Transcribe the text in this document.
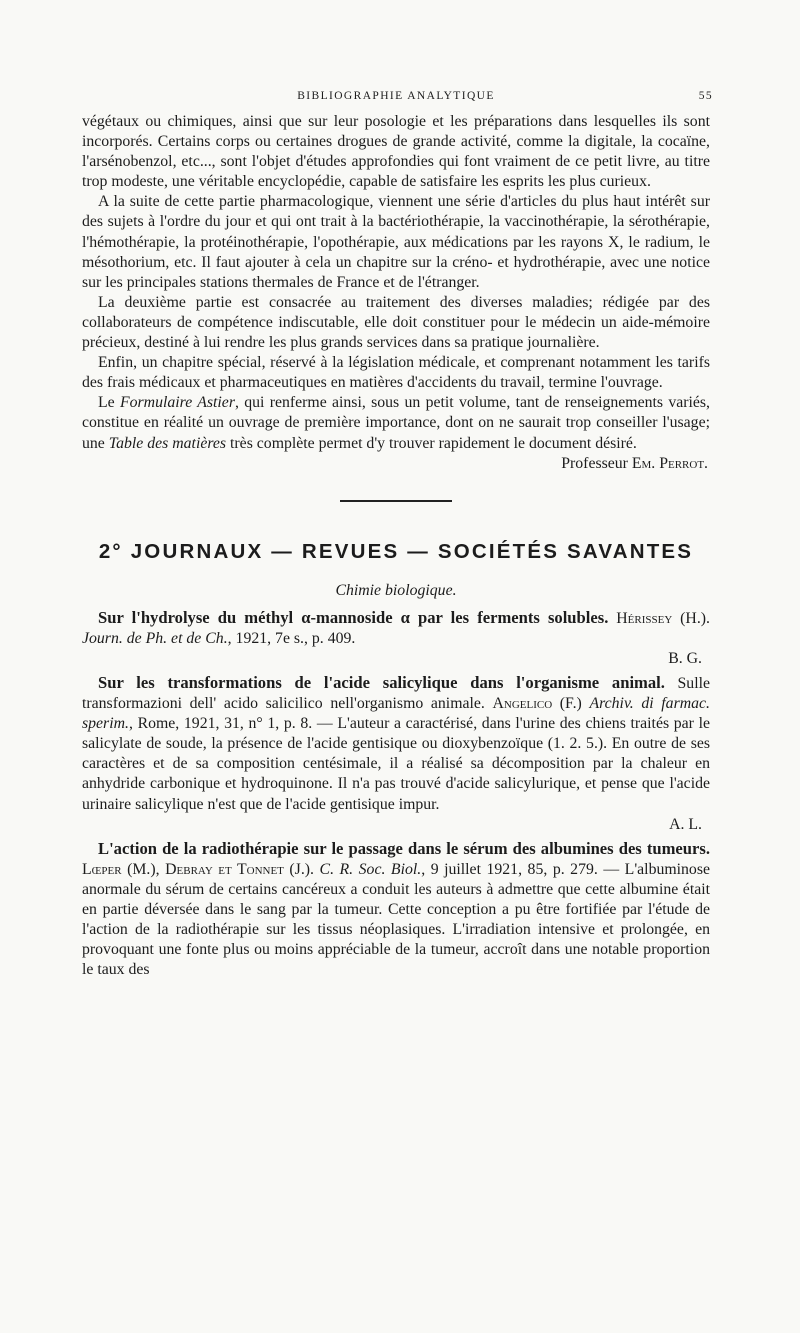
BIBLIOGRAPHIE ANALYTIQUE	55

végétaux ou chimiques, ainsi que sur leur posologie et les préparations dans lesquelles ils sont incorporés. Certains corps ou certaines drogues de grande activité, comme la digitale, la cocaïne, l'arsénobenzol, etc..., sont l'objet d'études approfondies qui font vraiment de ce petit livre, au titre trop modeste, une véritable encyclopédie, capable de satisfaire les esprits les plus curieux.

A la suite de cette partie pharmacologique, viennent une série d'articles du plus haut intérêt sur des sujets à l'ordre du jour et qui ont trait à la bactériothérapie, la vaccinothérapie, la sérothérapie, l'hémothérapie, la protéinothérapie, l'opothérapie, aux médications par les rayons X, le radium, le mésothorium, etc. Il faut ajouter à cela un chapitre sur la créno- et hydrothérapie, avec une notice sur les principales stations thermales de France et de l'étranger.

La deuxième partie est consacrée au traitement des diverses maladies; rédigée par des collaborateurs de compétence indiscutable, elle doit constituer pour le médecin un aide-mémoire précieux, destiné à lui rendre les plus grands services dans sa pratique journalière.

Enfin, un chapitre spécial, réservé à la législation médicale, et comprenant notamment les tarifs des frais médicaux et pharmaceutiques en matières d'accidents du travail, termine l'ouvrage.

Le Formulaire Astier, qui renferme ainsi, sous un petit volume, tant de renseignements variés, constitue en réalité un ouvrage de première importance, dont on ne saurait trop conseiller l'usage; une Table des matières très complète permet d'y trouver rapidement le document désiré.

Professeur Em. Perrot.
2° JOURNAUX — REVUES — SOCIÉTÉS SAVANTES
Chimie biologique.

Sur l'hydrolyse du méthyl α-mannoside α par les ferments solubles. Hérissey (H.). Journ. de Ph. et de Ch., 1921, 7e s., p. 409.

B. G.

Sur les transformations de l'acide salicylique dans l'organisme animal. Sulle transformazioni dell' acido salicilico nell'organismo animale. Angelico (F.) Archiv. di farmac. sperim., Rome, 1921, 31, n° 1, p. 8. — L'auteur a caractérisé, dans l'urine des chiens traités par le salicylate de soude, la présence de l'acide gentisique ou dioxybenzoïque (1. 2. 5.). En outre de ses caractères et de sa composition centésimale, il a réalisé sa décomposition par la chaleur en anhydride carbonique et hydroquinone. Il n'a pas trouvé d'acide salicylurique, et pense que l'acide urinaire salicylique n'est que de l'acide gentisique impur.

A. L.

L'action de la radiothérapie sur le passage dans le sérum des albumines des tumeurs. Lœper (M.), Debray et Tonnet (J.). C. R. Soc. Biol., 9 juillet 1921, 85, p. 279. — L'albuminose anormale du sérum de certains cancéreux a conduit les auteurs à admettre que cette albumine était en partie déversée dans le sang par la tumeur. Cette conception a pu être fortifiée par l'étude de l'action de la radiothérapie sur les tissus néoplasiques. L'irradiation intensive et prolongée, en provoquant une fonte plus ou moins appréciable de la tumeur, accroît dans une notable proportion le taux des
